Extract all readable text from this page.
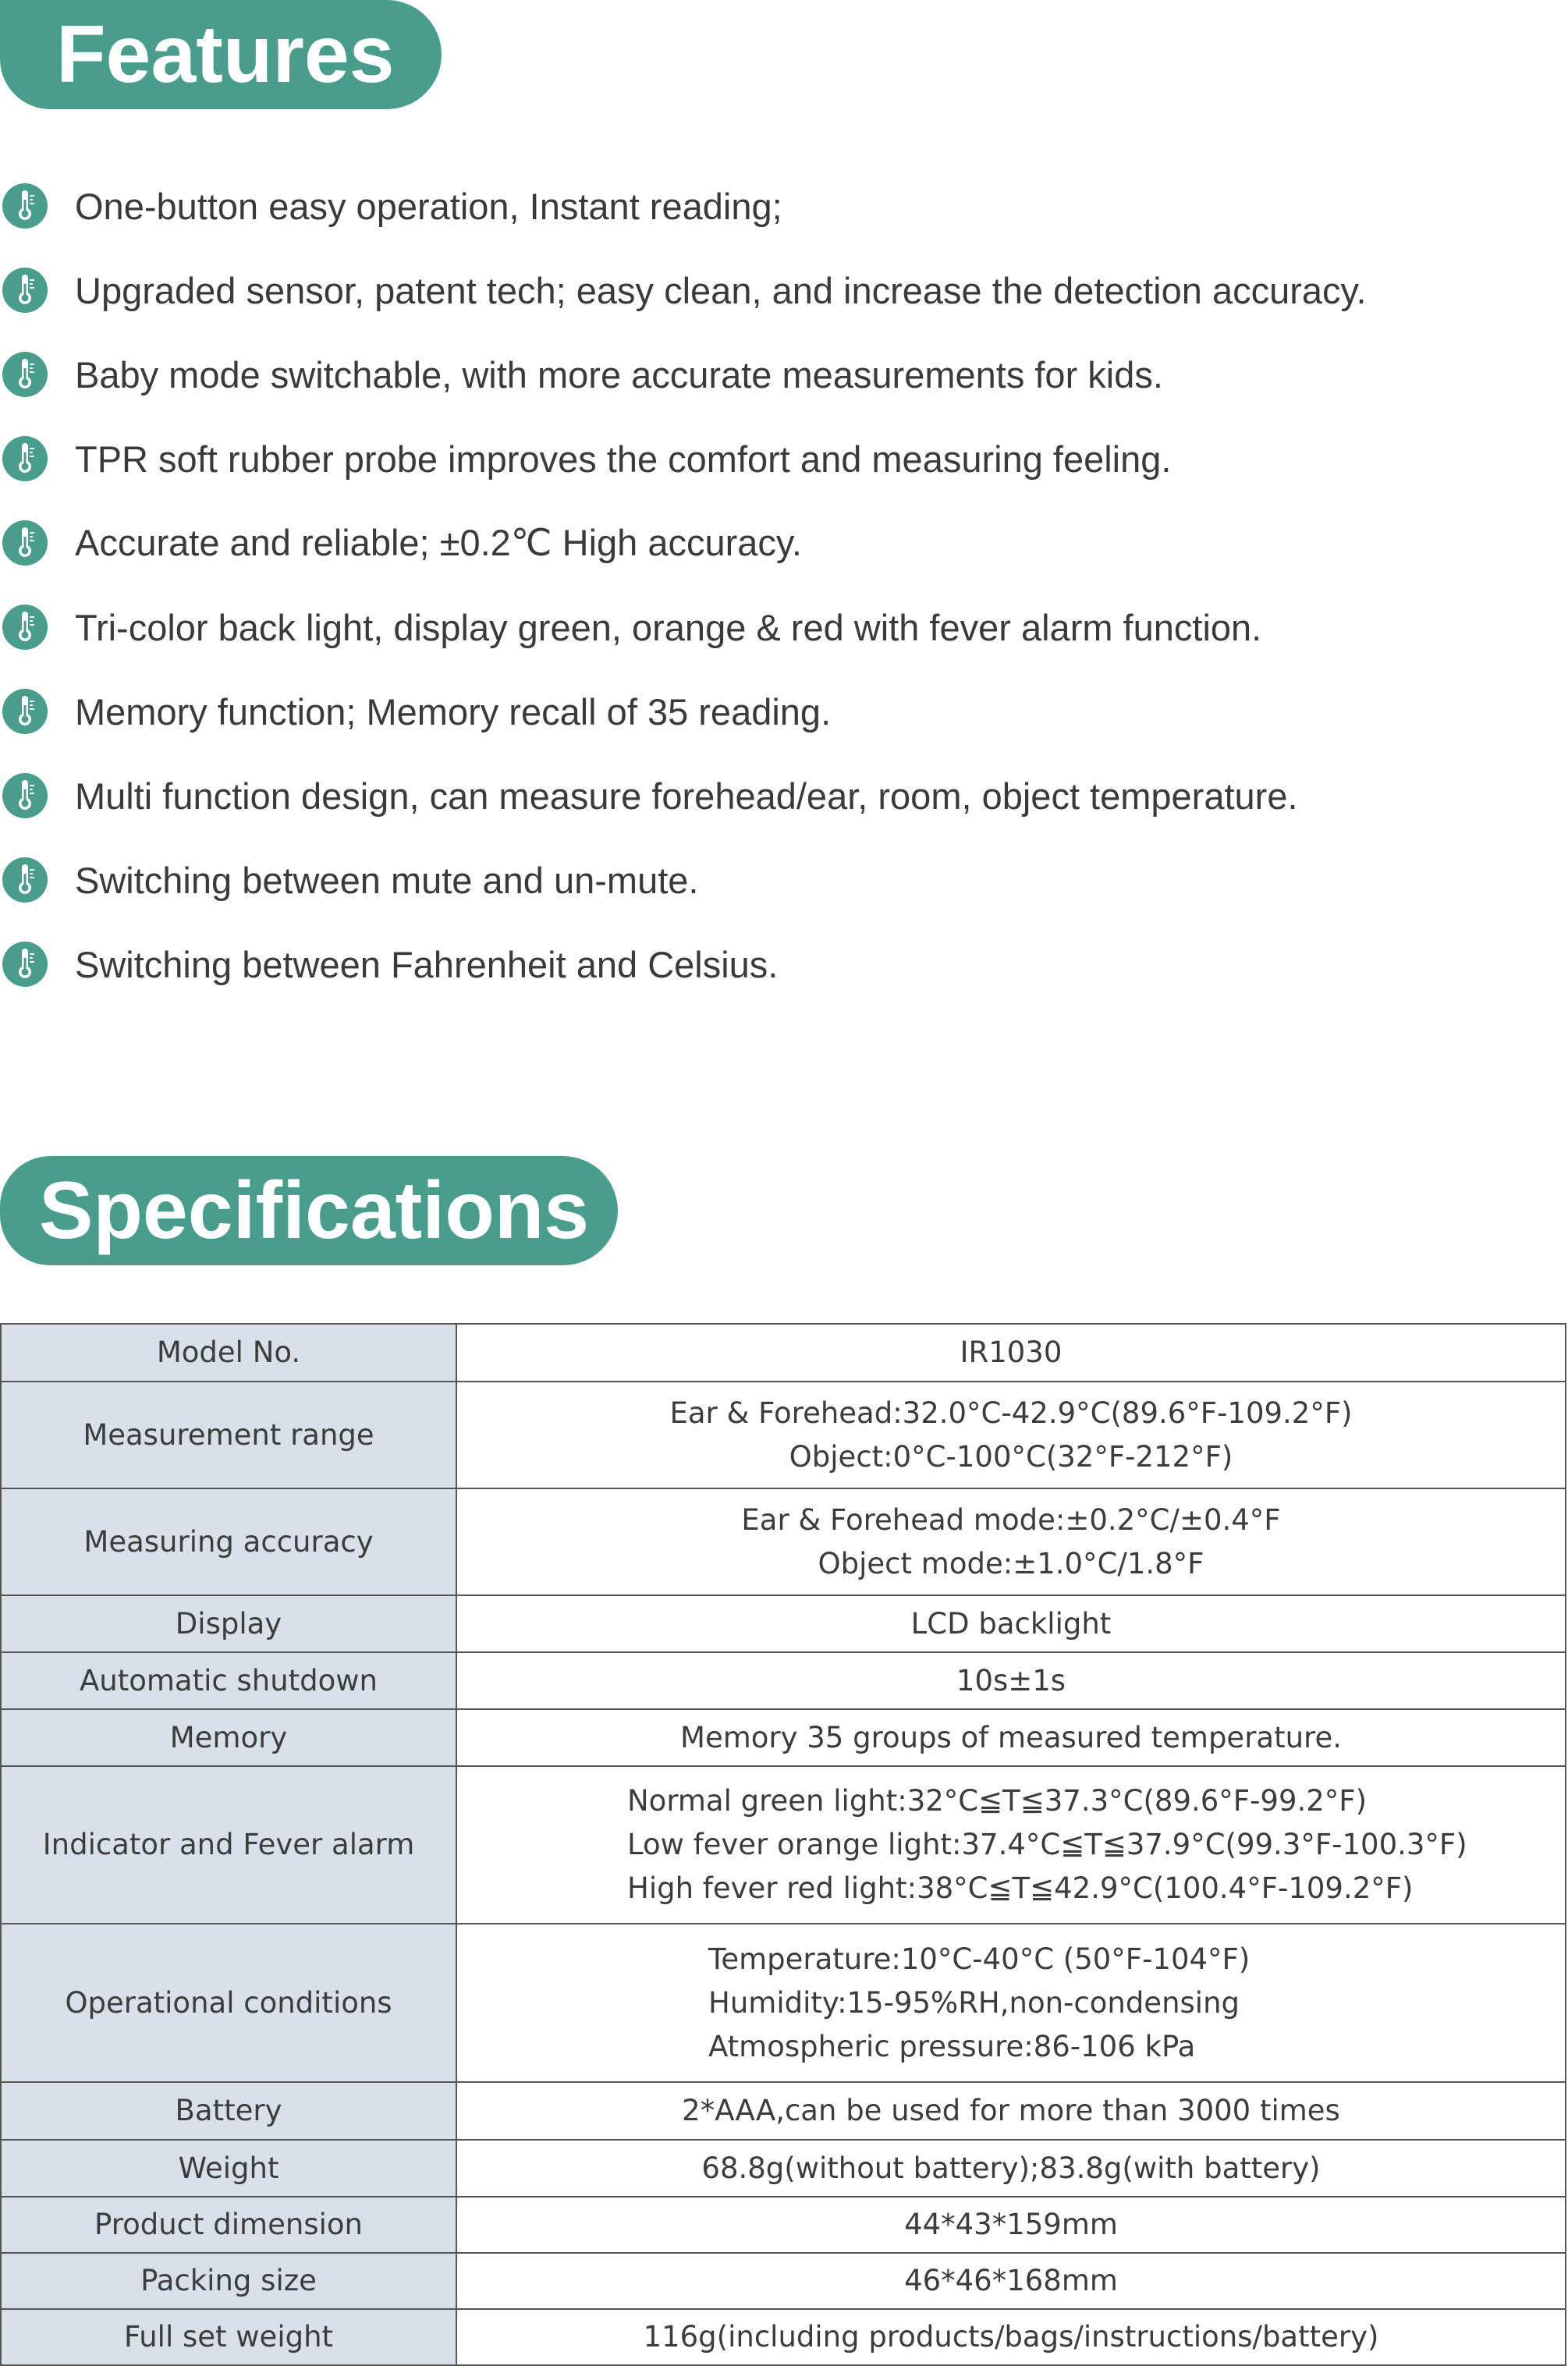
Features
One-button easy operation, Instant reading;
Upgraded sensor, patent tech; easy clean, and increase the detection accuracy.
Baby mode switchable, with more accurate measurements for kids.
TPR soft rubber probe improves the comfort and measuring feeling.
Accurate and reliable; ±0.2℃ High accuracy.
Tri-color back light, display green, orange & red with fever alarm function.
Memory function; Memory recall of 35 reading.
Multi function design, can measure forehead/ear, room, object temperature.
Switching between mute and un-mute.
Switching between Fahrenheit and Celsius.
Specifications
Model No.	IR1030

Measurement range	Ear & Forehead:32.0°C-42.9°C(89.6°F-109.2°F)
Object:0°C-100°C(32°F-212°F)

Measuring accuracy	Ear & Forehead mode:±0.2°C/±0.4°F
Object mode:±1.0°C/1.8°F

Display	LCD backlight

Automatic shutdown	10s±1s

Memory	Memory 35 groups of measured temperature.

Indicator and Fever alarm	Normal green light:32°C≦T≦37.3°C(89.6°F-99.2°F)
Low fever orange light:37.4°C≦T≦37.9°C(99.3°F-100.3°F)
High fever red light:38°C≦T≦42.9°C(100.4°F-109.2°F)

Operational conditions	Temperature:10°C-40°C (50°F-104°F)
Humidity:15-95%RH,non-condensing
Atmospheric pressure:86-106 kPa

Battery	2*AAA,can be used for more than 3000 times

Weight	68.8g(without battery);83.8g(with battery)

Product dimension	44*43*159mm

Packing size	46*46*168mm

Full set weight	116g(including products/bags/instructions/battery)
